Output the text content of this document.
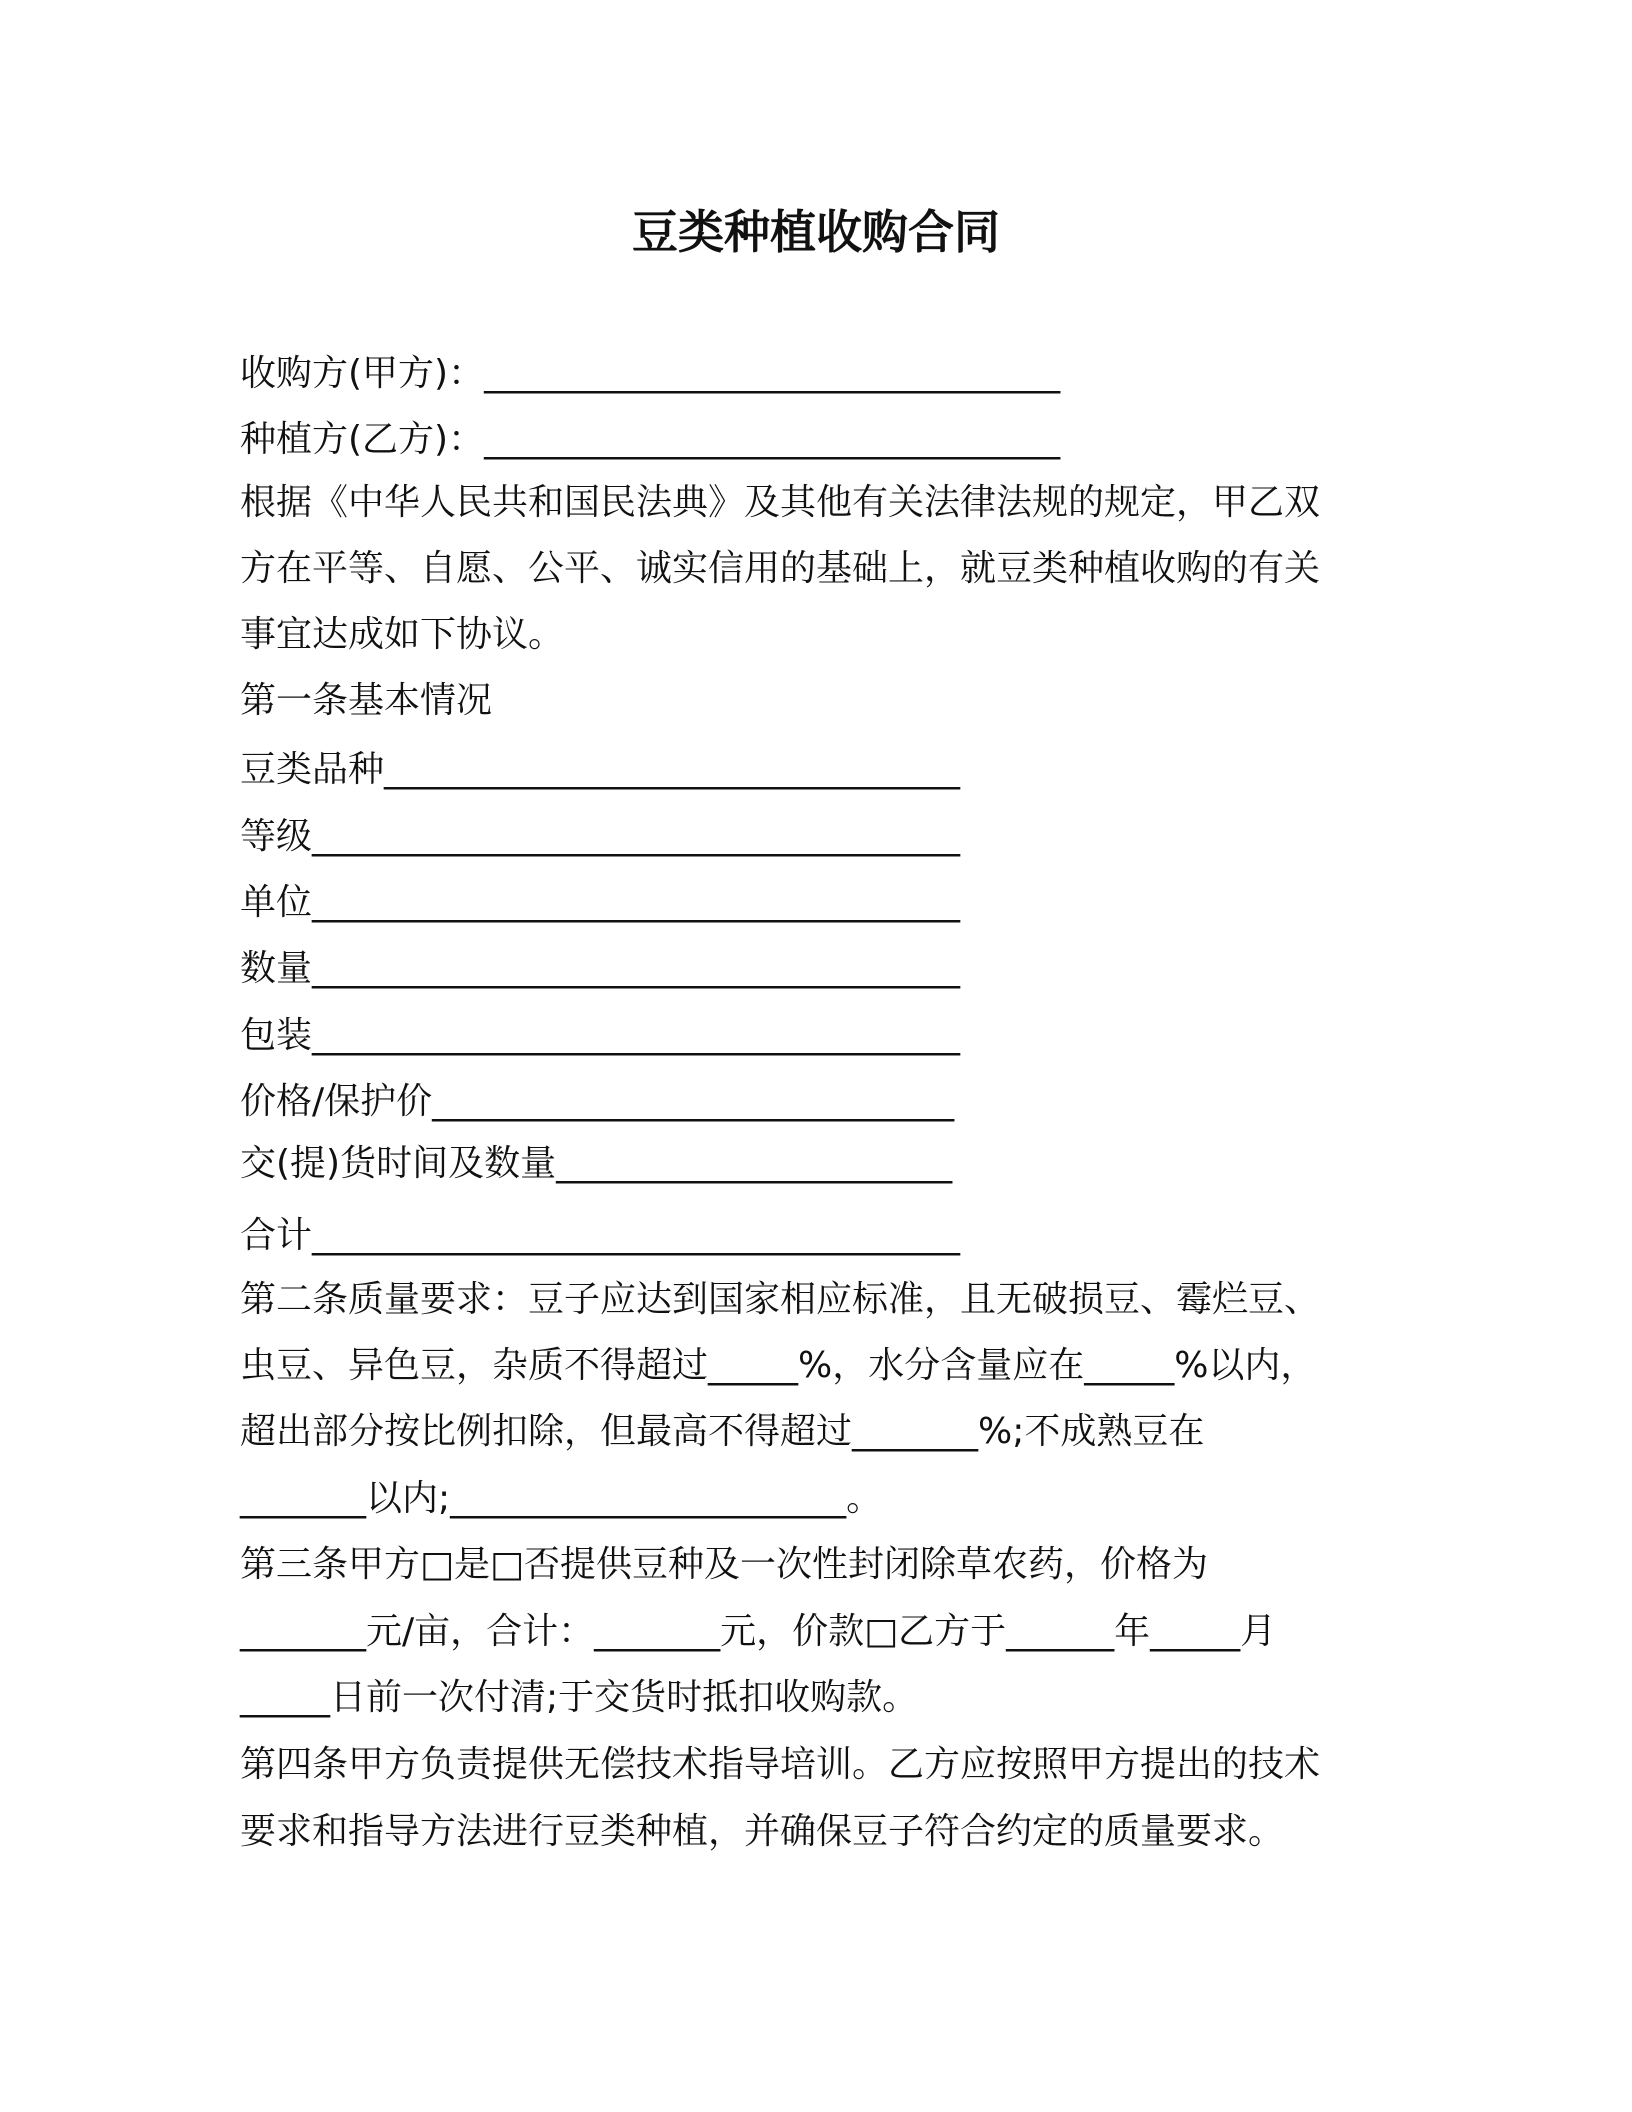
豆类种植收购合同

收购方(甲方)：________________________________

种植方(乙方)：________________________________

根据《中华人民共和国民法典》及其他有关法律法规的规定，甲乙双

方在平等、自愿、公平、诚实信用的基础上，就豆类种植收购的有关

事宜达成如下协议。

第一条基本情况

豆类品种________________________________

等级____________________________________

单位____________________________________

数量____________________________________

包装____________________________________

价格/保护价_____________________________

交(提)货时间及数量______________________

合计____________________________________

第二条质量要求：豆子应达到国家相应标准，且无破损豆、霉烂豆、

虫豆、异色豆，杂质不得超过_____%，水分含量应在_____%以内，

超出部分按比例扣除，但最高不得超过_______%;不成熟豆在

_______以内;______________________。

第三条甲方□是□否提供豆种及一次性封闭除草农药，价格为

_______元/亩，合计：_______元，价款□乙方于______年_____月

_____日前一次付清;于交货时抵扣收购款。

第四条甲方负责提供无偿技术指导培训。乙方应按照甲方提出的技术

要求和指导方法进行豆类种植，并确保豆子符合约定的质量要求。
